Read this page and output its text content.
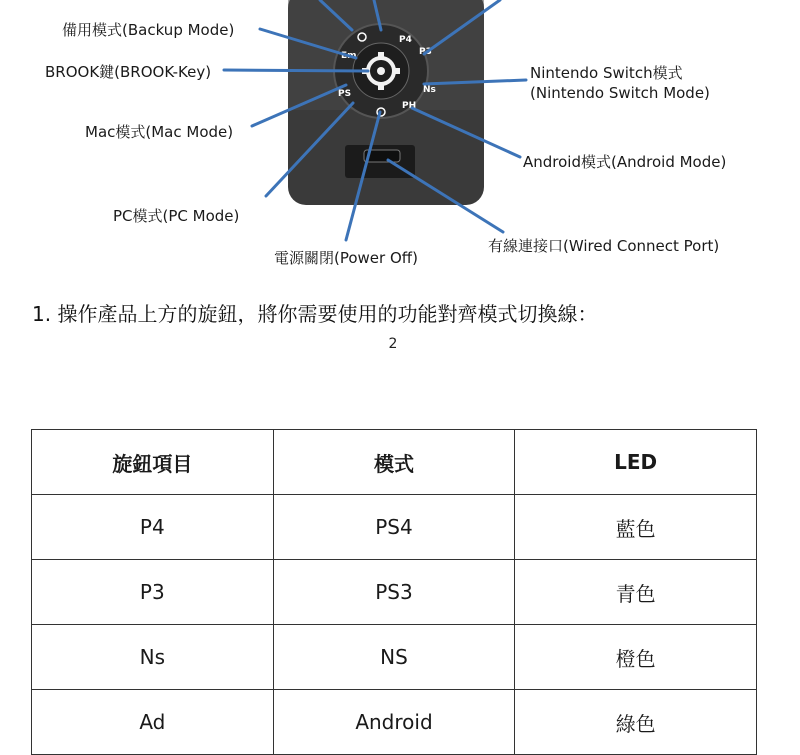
P4
P3
Ns
PH
PS
Em
備用模式(Backup Mode)
BROOK鍵(BROOK-Key)
Mac模式(Mac Mode)
PC模式(PC Mode)
電源關閉(Power Off)
Nintendo Switch模式
(Nintendo Switch Mode)
Android模式(Android Mode)
有線連接口(Wired Connect Port)
1. 操作產品上方的旋鈕，將你需要使用的功能對齊模式切換線：
2
旋鈕項目	模式	LED
P4	PS4	藍色
P3	PS3	青色
Ns	NS	橙色
Ad	Android	綠色
